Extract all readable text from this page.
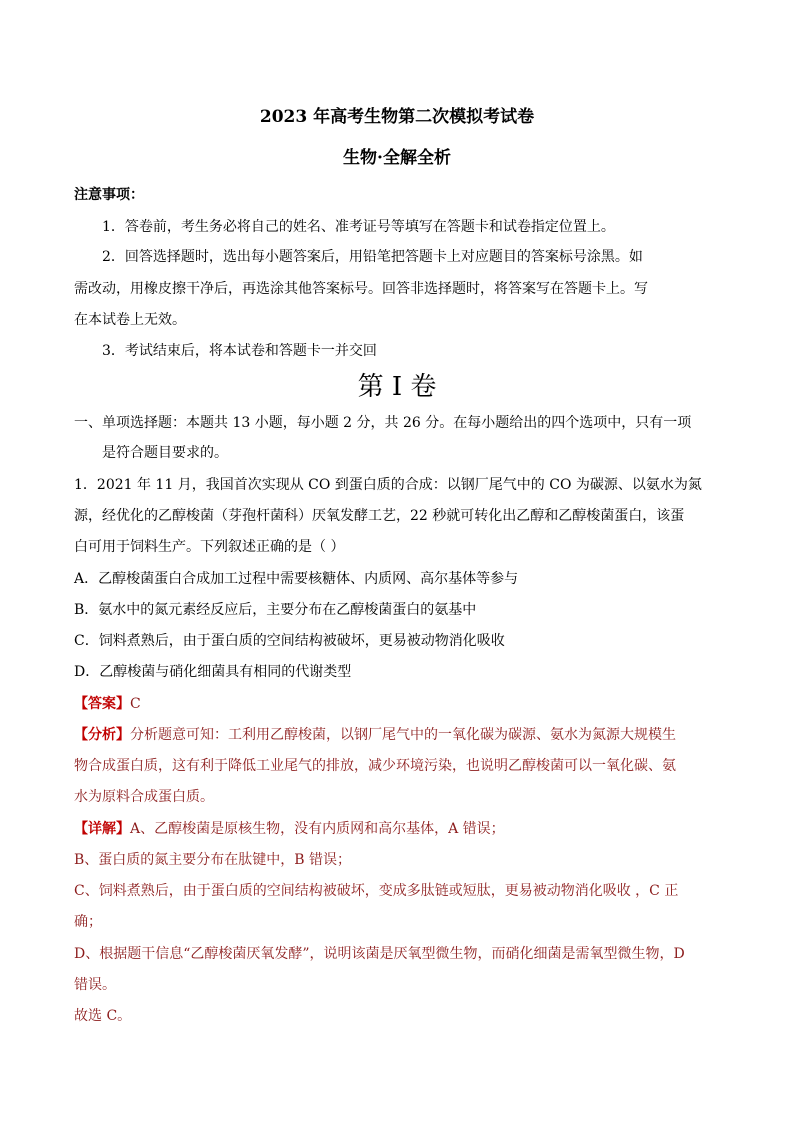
2023 年高考生物第二次模拟考试卷
生物·全解全析
注意事项：
1．答卷前，考生务必将自己的姓名、准考证号等填写在答题卡和试卷指定位置上。
2．回答选择题时，选出每小题答案后，用铅笔把答题卡上对应题目的答案标号涂黑。如
需改动，用橡皮擦干净后，再选涂其他答案标号。回答非选择题时，将答案写在答题卡上。写
在本试卷上无效。
3．考试结束后，将本试卷和答题卡一并交回
第 I 卷
一、单项选择题：本题共 13 小题，每小题 2 分，共 26 分。在每小题给出的四个选项中，只有一项
是符合题目要求的。
1．2021 年 11 月，我国首次实现从 CO 到蛋白质的合成：以钢厂尾气中的 CO 为碳源、以氨水为氮
源，经优化的乙醇梭菌（芽孢杆菌科）厌氧发酵工艺，22 秒就可转化出乙醇和乙醇梭菌蛋白，该蛋
白可用于饲料生产。下列叙述正确的是（ ）
A．乙醇梭菌蛋白合成加工过程中需要核糖体、内质网、高尔基体等参与
B．氨水中的氮元素经反应后，主要分布在乙醇梭菌蛋白的氨基中
C．饲料煮熟后，由于蛋白质的空间结构被破坏，更易被动物消化吸收
D．乙醇梭菌与硝化细菌具有相同的代谢类型
【答案】C
【分析】分析题意可知：工利用乙醇梭菌，以钢厂尾气中的一氧化碳为碳源、氨水为氮源大规模生
物合成蛋白质，这有利于降低工业尾气的排放，减少环境污染，也说明乙醇梭菌可以一氧化碳、氨
水为原料合成蛋白质。
【详解】A、乙醇梭菌是原核生物，没有内质网和高尔基体，A 错误；
B、蛋白质的氮主要分布在肽键中，B 错误；
C、饲料煮熟后，由于蛋白质的空间结构被破坏，变成多肽链或短肽，更易被动物消化吸收 ，C 正
确；
D、根据题干信息“乙醇梭菌厌氧发酵”，说明该菌是厌氧型微生物，而硝化细菌是需氧型微生物，D
错误。
故选 C。
